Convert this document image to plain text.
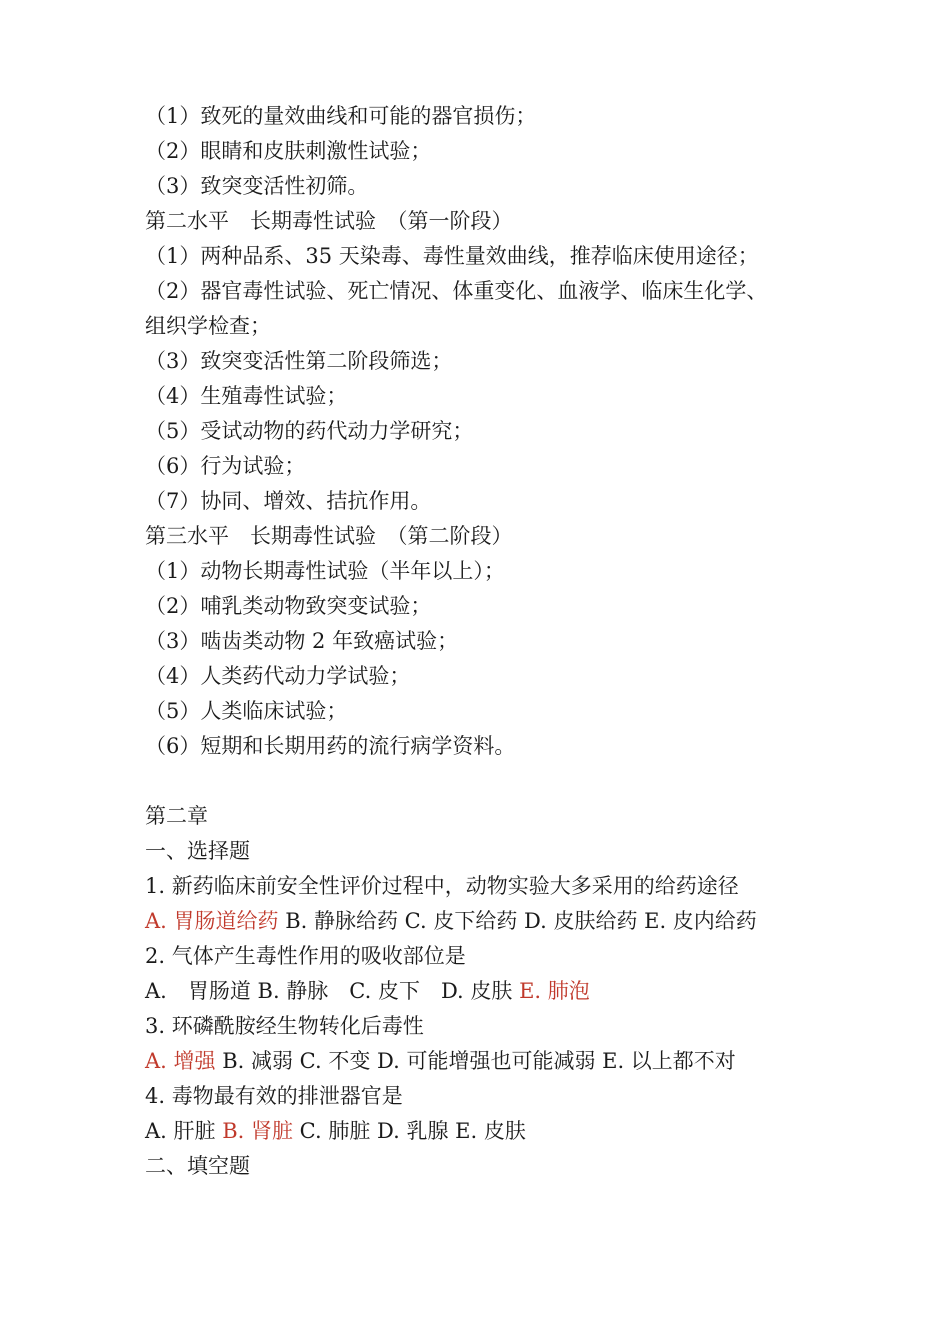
（1）致死的量效曲线和可能的器官损伤；
（2）眼睛和皮肤刺激性试验；
（3）致突变活性初筛。
第二水平　长期毒性试验　（第一阶段）
（1）两种品系、35 天染毒、毒性量效曲线，推荐临床使用途径；
（2）器官毒性试验、死亡情况、体重变化、血液学、临床生化学、
组织学检查；
（3）致突变活性第二阶段筛选；
（4）生殖毒性试验；
（5）受试动物的药代动力学研究；
（6）行为试验；
（7）协同、增效、拮抗作用。
第三水平　长期毒性试验　（第二阶段）
（1）动物长期毒性试验（半年以上）；
（2）哺乳类动物致突变试验；
（3）啮齿类动物 2 年致癌试验；
（4）人类药代动力学试验；
（5）人类临床试验；
（6）短期和长期用药的流行病学资料。
第二章
一、选择题
1. 新药临床前安全性评价过程中，动物实验大多采用的给药途径
A. 胃肠道给药 B. 静脉给药 C. 皮下给药 D. 皮肤给药 E. 皮内给药
2. 气体产生毒性作用的吸收部位是
A.　胃肠道 B. 静脉　C. 皮下　D. 皮肤 E. 肺泡
3. 环磷酰胺经生物转化后毒性
A. 增强 B. 减弱 C. 不变 D. 可能增强也可能减弱 E. 以上都不对
4. 毒物最有效的排泄器官是
A. 肝脏 B. 肾脏 C. 肺脏 D. 乳腺 E. 皮肤
二、填空题
